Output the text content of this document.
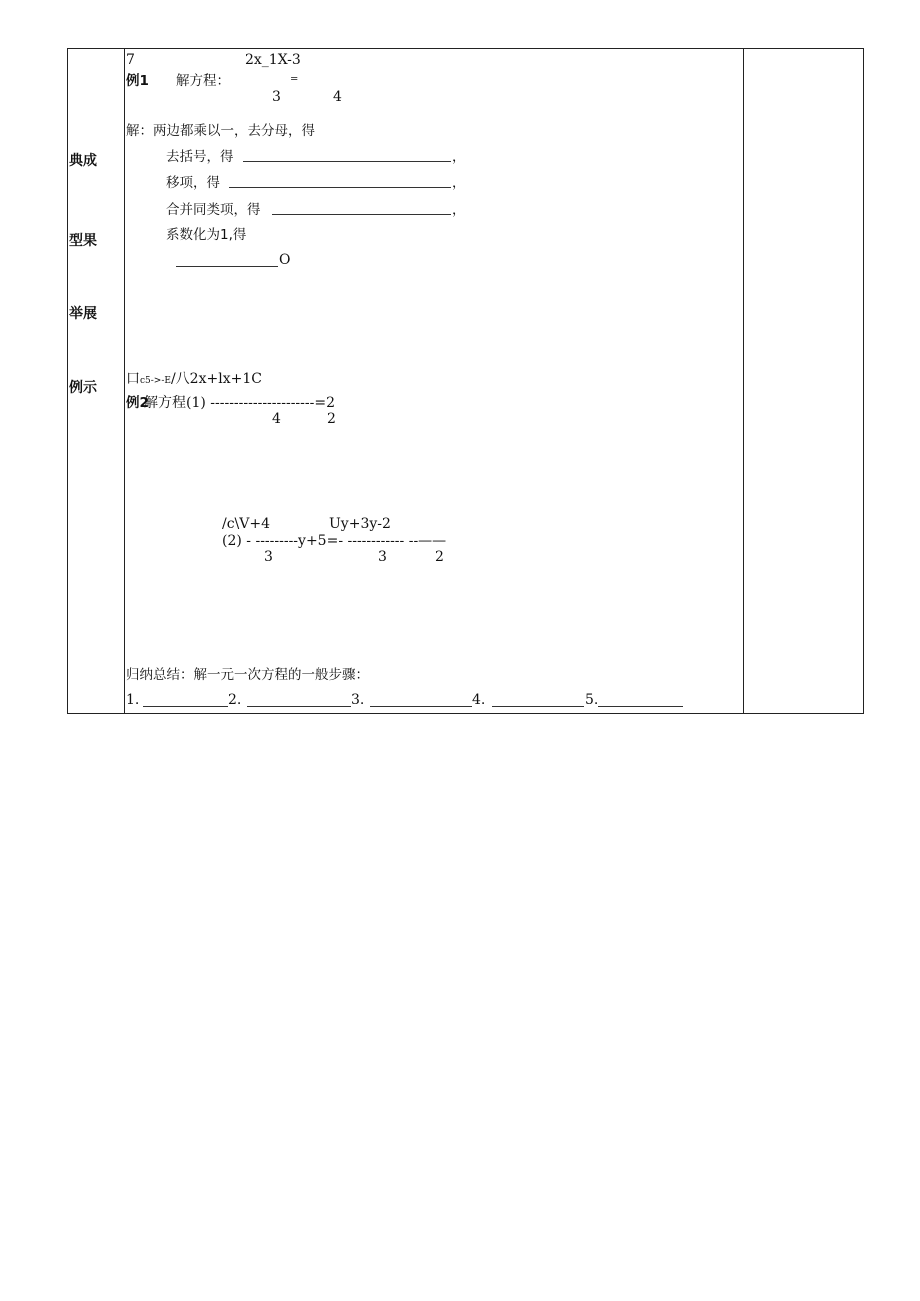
典成
型果
举展
例示
7	2x_1X-3
例1 解方程：	=
3	4
解：两边都乘以一，去分母，得
去括号，得	，
移项，得	，
合并同类项，得	，
系数化为1,得
O
口c5->-E/八2x+lx+1C
例2
解方程(1) ----------------------=2
4	2
/c\V+4	Uy+3y-2
(2) - ---------y+5=- ------------ --——
3	3	2
归纳总结：解一元一次方程的一般步骤：
1.	2.	3.	4.	5.
